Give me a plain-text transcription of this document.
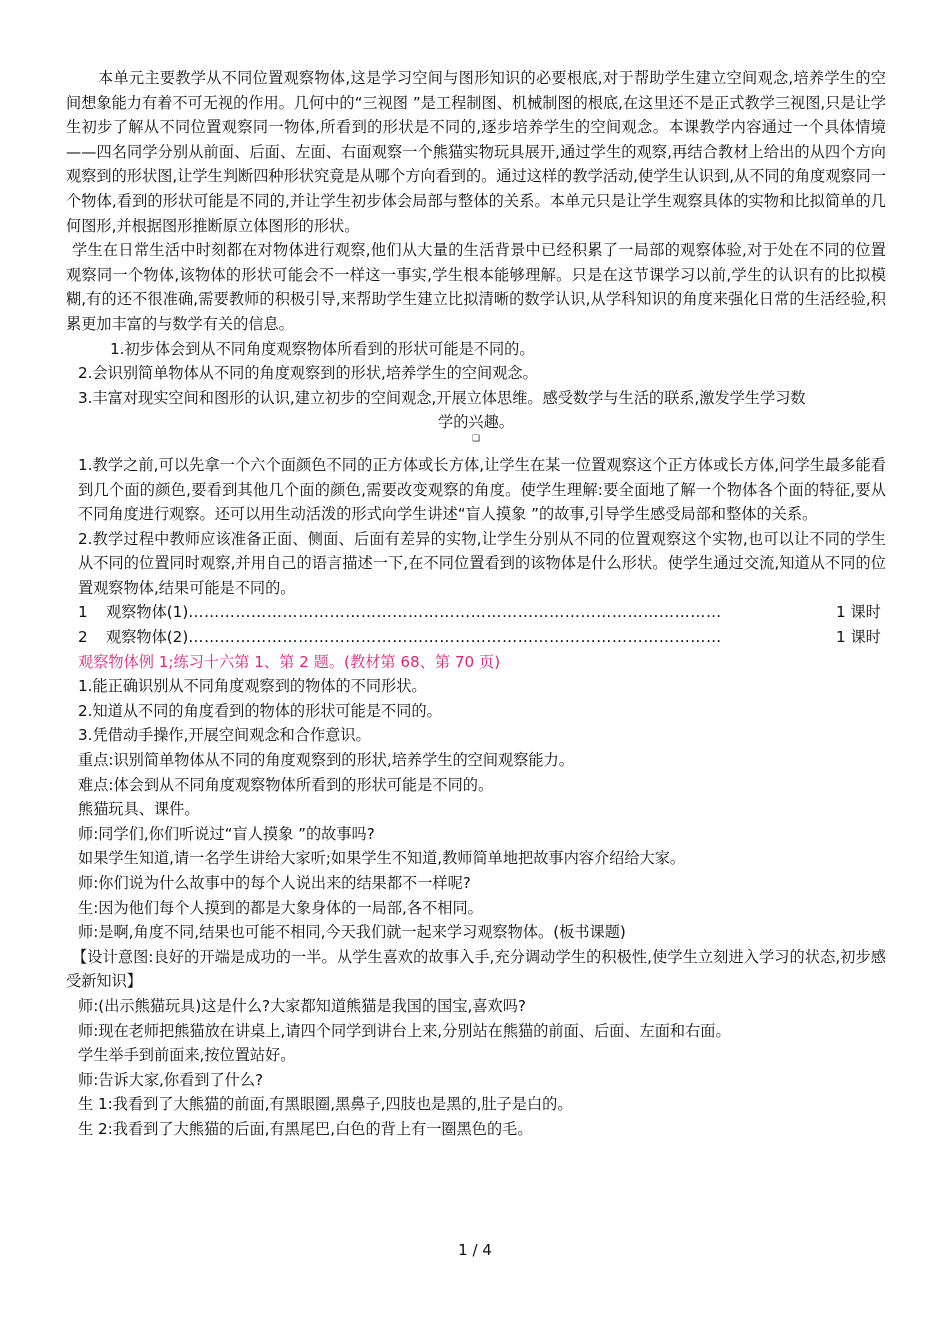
本单元主要教学从不同位置观察物体,这是学习空间与图形知识的必要根底,对于帮助学生建立空间观念,培养学生的空间想象能力有着不可无视的作用。几何中的“三视图 ”是工程制图、机械制图的根底,在这里还不是正式教学三视图,只是让学生初步了解从不同位置观察同一物体,所看到的形状是不同的,逐步培养学生的空间观念。本课教学内容通过一个具体情境——四名同学分别从前面、后面、左面、右面观察一个熊猫实物玩具展开,通过学生的观察,再结合教材上给出的从四个方向观察到的形状图,让学生判断四种形状究竟是从哪个方向看到的。通过这样的教学活动,使学生认识到,从不同的角度观察同一个物体,看到的形状可能是不同的,并让学生初步体会局部与整体的关系。本单元只是让学生观察具体的实物和比拟简单的几何图形,并根据图形推断原立体图形的形状。

学生在日常生活中时刻都在对物体进行观察,他们从大量的生活背景中已经积累了一局部的观察体验,对于处在不同的位置观察同一个物体,该物体的形状可能会不一样这一事实,学生根本能够理解。只是在这节课学习以前,学生的认识有的比拟模糊,有的还不很准确,需要教师的积极引导,来帮助学生建立比拟清晰的数学认识,从学科知识的角度来强化日常的生活经验,积累更加丰富的与数学有关的信息。

1.初步体会到从不同角度观察物体所看到的形状可能是不同的。

2.会识别简单物体从不同的角度观察到的形状,培养学生的空间观念。

3.丰富对现实空间和图形的认识,建立初步的空间观念,开展立体思维。感受数学与生活的联系,激发学生学习数

学的兴趣。

❑

1.教学之前,可以先拿一个六个面颜色不同的正方体或长方体,让学生在某一位置观察这个正方体或长方体,问学生最多能看到几个面的颜色,要看到其他几个面的颜色,需要改变观察的角度。使学生理解:要全面地了解一个物体各个面的特征,要从不同角度进行观察。还可以用生动活泼的形式向学生讲述“盲人摸象 ”的故事,引导学生感受局部和整体的关系。

2.教学过程中教师应该准备正面、侧面、后面有差异的实物,让学生分别从不同的位置观察这个实物,也可以让不同的学生从不同的位置同时观察,并用自己的语言描述一下,在不同位置看到的该物体是什么形状。使学生通过交流,知道从不同的位置观察物体,结果可能是不同的。

1	观察物体(1) …………………………………………………………………………………………	1 课时
2	观察物体(2) …………………………………………………………………………………………	1 课时

观察物体例 1;练习十六第 1、第 2 题。(教材第 68、第 70 页)

1.能正确识别从不同角度观察到的物体的不同形状。

2.知道从不同的角度看到的物体的形状可能是不同的。

3.凭借动手操作,开展空间观念和合作意识。

重点:识别简单物体从不同的角度观察到的形状,培养学生的空间观察能力。

难点:体会到从不同角度观察物体所看到的形状可能是不同的。

熊猫玩具、课件。

师:同学们,你们听说过“盲人摸象 ”的故事吗?

如果学生知道,请一名学生讲给大家听;如果学生不知道,教师简单地把故事内容介绍给大家。

师:你们说为什么故事中的每个人说出来的结果都不一样呢?

生:因为他们每个人摸到的都是大象身体的一局部,各不相同。

师:是啊,角度不同,结果也可能不相同,今天我们就一起来学习观察物体。(板书课题)

【设计意图:良好的开端是成功的一半。从学生喜欢的故事入手,充分调动学生的积极性,使学生立刻进入学习的状态,初步感受新知识】

师:(出示熊猫玩具)这是什么?大家都知道熊猫是我国的国宝,喜欢吗?

师:现在老师把熊猫放在讲桌上,请四个同学到讲台上来,分别站在熊猫的前面、后面、左面和右面。

学生举手到前面来,按位置站好。

师:告诉大家,你看到了什么?

生 1:我看到了大熊猫的前面,有黑眼圈,黑鼻子,四肢也是黑的,肚子是白的。

生 2:我看到了大熊猫的后面,有黑尾巴,白色的背上有一圈黑色的毛。

1 / 4
